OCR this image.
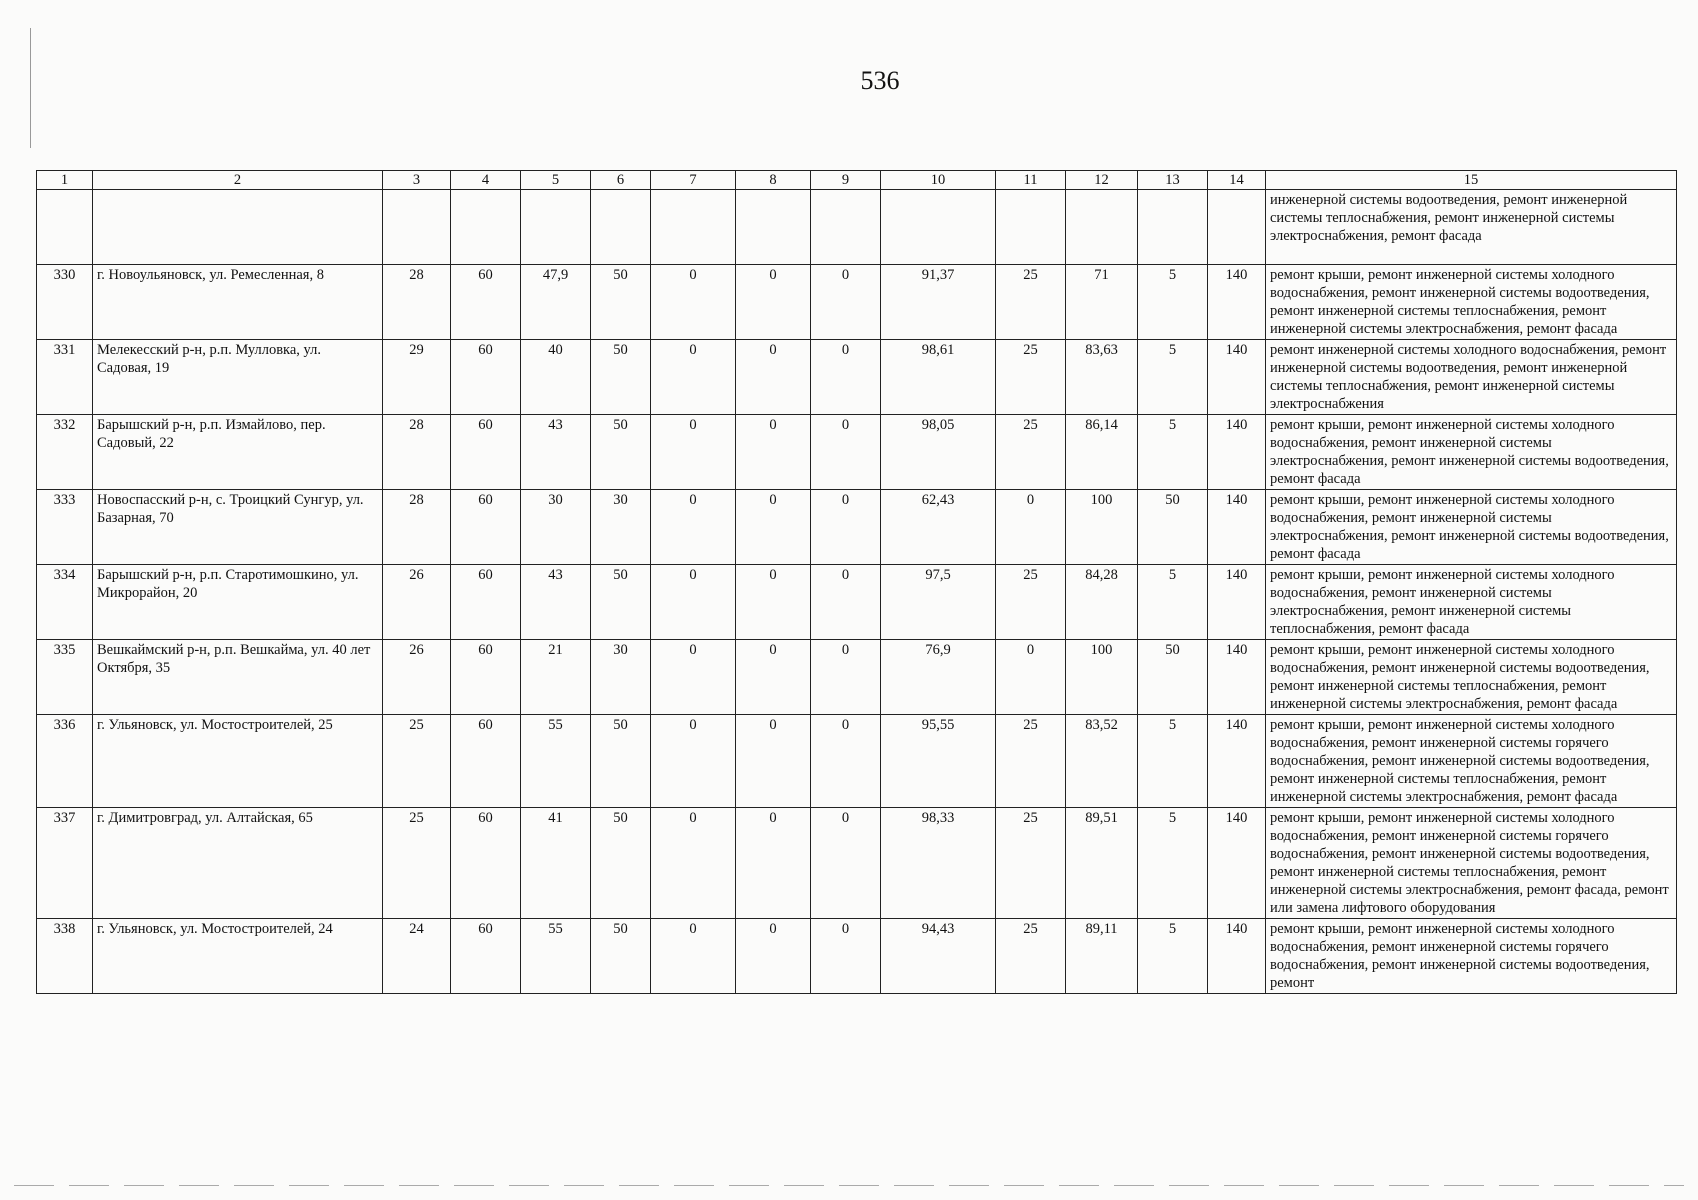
536
1	2	3	4	5	6	7	8	9	10	11	12	13	14	15
														инженерной системы водоотведения, ремонт инженерной системы теплоснабжения, ремонт инженерной системы электроснабжения, ремонт фасада
330	г. Новоульяновск, ул. Ремесленная, 8	28	60	47,9	50	0	0	0	91,37	25	71	5	140	ремонт крыши, ремонт инженерной системы холодного водоснабжения, ремонт инженерной системы водоотведения, ремонт инженерной системы теплоснабжения, ремонт инженерной системы электроснабжения, ремонт фасада
331	Мелекесский р-н, р.п. Мулловка, ул. Садовая, 19	29	60	40	50	0	0	0	98,61	25	83,63	5	140	ремонт инженерной системы холодного водоснабжения, ремонт инженерной системы водоотведения, ремонт инженерной системы теплоснабжения, ремонт инженерной системы электроснабжения
332	Барышский р-н, р.п. Измайлово, пер. Садовый, 22	28	60	43	50	0	0	0	98,05	25	86,14	5	140	ремонт крыши, ремонт инженерной системы холодного водоснабжения, ремонт инженерной системы электроснабжения, ремонт инженерной системы водоотведения, ремонт фасада
333	Новоспасский р-н, с. Троицкий Сунгур, ул. Базарная, 70	28	60	30	30	0	0	0	62,43	0	100	50	140	ремонт крыши, ремонт инженерной системы холодного водоснабжения, ремонт инженерной системы электроснабжения, ремонт инженерной системы водоотведения, ремонт фасада
334	Барышский р-н, р.п. Старотимошкино, ул. Микрорайон, 20	26	60	43	50	0	0	0	97,5	25	84,28	5	140	ремонт крыши, ремонт инженерной системы холодного водоснабжения, ремонт инженерной системы электроснабжения, ремонт инженерной системы теплоснабжения, ремонт фасада
335	Вешкаймский р-н, р.п. Вешкайма, ул. 40 лет Октября, 35	26	60	21	30	0	0	0	76,9	0	100	50	140	ремонт крыши, ремонт инженерной системы холодного водоснабжения, ремонт инженерной системы водоотведения, ремонт инженерной системы теплоснабжения, ремонт инженерной системы электроснабжения, ремонт фасада
336	г. Ульяновск, ул. Мостостроителей, 25	25	60	55	50	0	0	0	95,55	25	83,52	5	140	ремонт крыши, ремонт инженерной системы холодного водоснабжения, ремонт инженерной системы горячего водоснабжения, ремонт инженерной системы водоотведения, ремонт инженерной системы теплоснабжения, ремонт инженерной системы электроснабжения, ремонт фасада
337	г. Димитровград, ул. Алтайская, 65	25	60	41	50	0	0	0	98,33	25	89,51	5	140	ремонт крыши, ремонт инженерной системы холодного водоснабжения, ремонт инженерной системы горячего водоснабжения, ремонт инженерной системы водоотведения, ремонт инженерной системы теплоснабжения, ремонт инженерной системы электроснабжения, ремонт фасада, ремонт или замена лифтового оборудования
338	г. Ульяновск, ул. Мостостроителей, 24	24	60	55	50	0	0	0	94,43	25	89,11	5	140	ремонт крыши, ремонт инженерной системы холодного водоснабжения, ремонт инженерной системы горячего водоснабжения, ремонт инженерной системы водоотведения, ремонт
